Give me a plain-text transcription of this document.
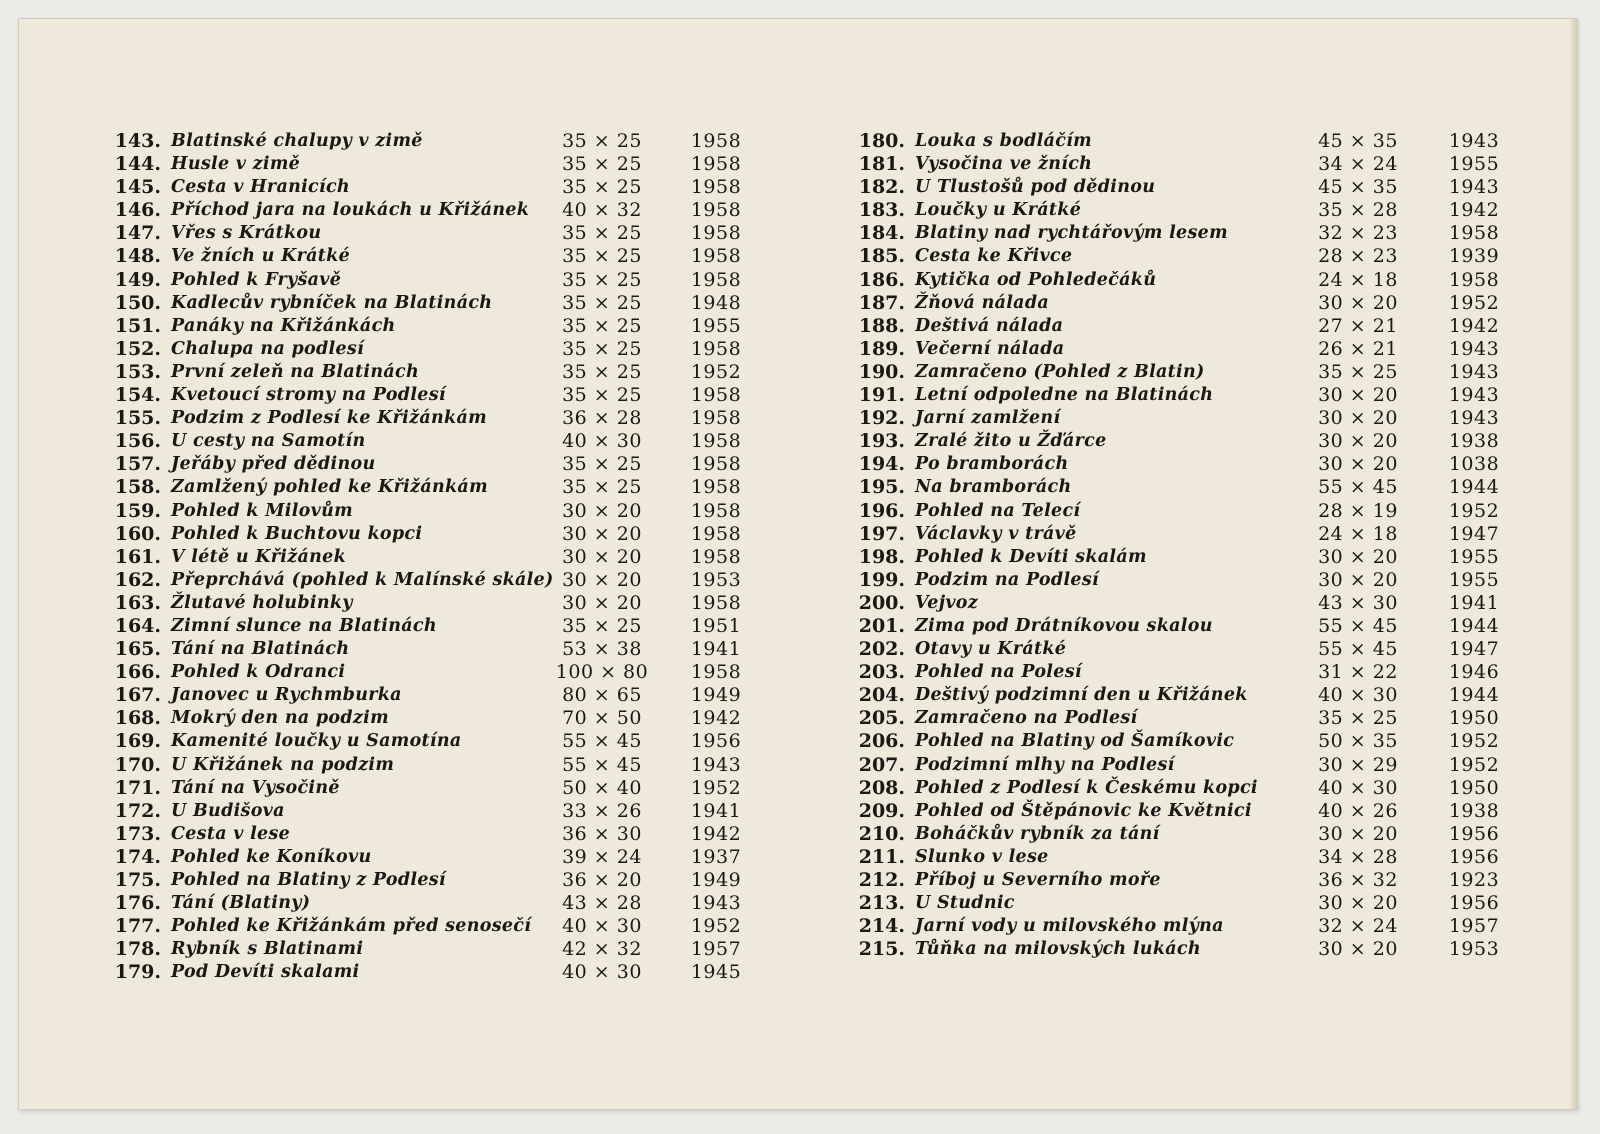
143. Blatinské chalupy v zimě	35 × 25	1958
144. Husle v zimě	35 × 25	1958
145. Cesta v Hranicích	35 × 25	1958
146. Příchod jara na loukách u Křižánek	40 × 32	1958
147. Vřes s Krátkou	35 × 25	1958
148. Ve žních u Krátké	35 × 25	1958
149. Pohled k Fryšavě	35 × 25	1958
150. Kadlecův rybníček na Blatinách	35 × 25	1948
151. Panáky na Křižánkách	35 × 25	1955
152. Chalupa na podlesí	35 × 25	1958
153. První zeleň na Blatinách	35 × 25	1952
154. Kvetoucí stromy na Podlesí	35 × 25	1958
155. Podzim z Podlesí ke Křižánkám	36 × 28	1958
156. U cesty na Samotín	40 × 30	1958
157. Jeřáby před dědinou	35 × 25	1958
158. Zamlžený pohled ke Křižánkám	35 × 25	1958
159. Pohled k Milovům	30 × 20	1958
160. Pohled k Buchtovu kopci	30 × 20	1958
161. V létě u Křižánek	30 × 20	1958
162. Přeprchává (pohled k Malínské skále) 30 × 20	1953
163. Žlutavé holubinky	30 × 20	1958
164. Zimní slunce na Blatinách	35 × 25	1951
165. Tání na Blatinách	53 × 38	1941
166. Pohled k Odranci	100 × 80	1958
167. Janovec u Rychmburka	80 × 65	1949
168. Mokrý den na podzim	70 × 50	1942
169. Kamenité loučky u Samotína	55 × 45	1956
170. U Křižánek na podzim	55 × 45	1943
171. Tání na Vysočině	50 × 40	1952
172. U Budišova	33 × 26	1941
173. Cesta v lese	36 × 30	1942
174. Pohled ke Koníkovu	39 × 24	1937
175. Pohled na Blatiny z Podlesí	36 × 20	1949
176. Tání (Blatiny)	43 × 28	1943
177. Pohled ke Křižánkám před senosečí	40 × 30	1952
178. Rybník s Blatinami	42 × 32	1957
179. Pod Devíti skalami	40 × 30	1945
180. Louka s bodláčím	45 × 35	1943
181. Vysočina ve žních	34 × 24	1955
182. U Tlustošů pod dědinou	45 × 35	1943
183. Loučky u Krátké	35 × 28	1942
184. Blatiny nad rychtářovým lesem	32 × 23	1958
185. Cesta ke Křivce	28 × 23	1939
186. Kytička od Pohledečáků	24 × 18	1958
187. Žňová nálada	30 × 20	1952
188. Deštivá nálada	27 × 21	1942
189. Večerní nálada	26 × 21	1943
190. Zamračeno (Pohled z Blatin)	35 × 25	1943
191. Letní odpoledne na Blatinách	30 × 20	1943
192. Jarní zamlžení	30 × 20	1943
193. Zralé žito u Žďárce	30 × 20	1938
194. Po bramborách	30 × 20	1038
195. Na bramborách	55 × 45	1944
196. Pohled na Telecí	28 × 19	1952
197. Václavky v trávě	24 × 18	1947
198. Pohled k Devíti skalám	30 × 20	1955
199. Podzim na Podlesí	30 × 20	1955
200. Vejvoz	43 × 30	1941
201. Zima pod Drátníkovou skalou	55 × 45	1944
202. Otavy u Krátké	55 × 45	1947
203. Pohled na Polesí	31 × 22	1946
204. Deštivý podzimní den u Křižánek	40 × 30	1944
205. Zamračeno na Podlesí	35 × 25	1950
206. Pohled na Blatiny od Šamíkovic	50 × 35	1952
207. Podzimní mlhy na Podlesí	30 × 29	1952
208. Pohled z Podlesí k Českému kopci	40 × 30	1950
209. Pohled od Štěpánovic ke Květnici	40 × 26	1938
210. Boháčkův rybník za tání	30 × 20	1956
211. Slunko v lese	34 × 28	1956
212. Příboj u Severního moře	36 × 32	1923
213. U Studnic	30 × 20	1956
214. Jarní vody u milovského mlýna	32 × 24	1957
215. Tůňka na milovských lukách	30 × 20	1953
